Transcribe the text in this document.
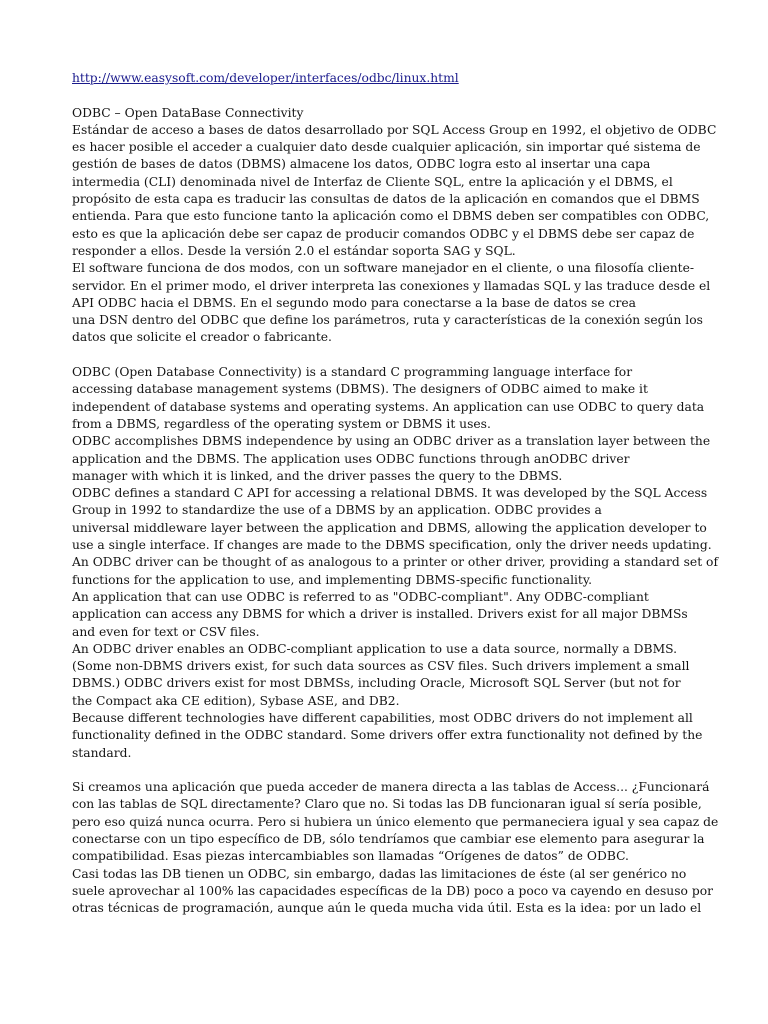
http://www.easysoft.com/developer/interfaces/odbc/linux.html
ODBC – Open DataBase Connectivity
Estándar de acceso a bases de datos desarrollado por SQL Access Group en 1992, el objetivo de ODBC
es hacer posible el acceder a cualquier dato desde cualquier aplicación, sin importar qué sistema de
gestión de bases de datos (DBMS) almacene los datos, ODBC logra esto al insertar una capa
intermedia (CLI) denominada nivel de Interfaz de Cliente SQL, entre la aplicación y el DBMS, el
propósito de esta capa es traducir las consultas de datos de la aplicación en comandos que el DBMS
entienda. Para que esto funcione tanto la aplicación como el DBMS deben ser compatibles con ODBC,
esto es que la aplicación debe ser capaz de producir comandos ODBC y el DBMS debe ser capaz de
responder a ellos. Desde la versión 2.0 el estándar soporta SAG y SQL.
El software funciona de dos modos, con un software manejador en el cliente, o una filosofía cliente-
servidor. En el primer modo, el driver interpreta las conexiones y llamadas SQL y las traduce desde el
API ODBC hacia el DBMS. En el segundo modo para conectarse a la base de datos se crea
una DSN dentro del ODBC que define los parámetros, ruta y características de la conexión según los
datos que solicite el creador o fabricante.
ODBC (Open Database Connectivity) is a standard C programming language interface for
accessing database management systems (DBMS). The designers of ODBC aimed to make it
independent of database systems and operating systems. An application can use ODBC to query data
from a DBMS, regardless of the operating system or DBMS it uses.
ODBC accomplishes DBMS independence by using an ODBC driver as a translation layer between the
application and the DBMS. The application uses ODBC functions through anODBC driver
manager with which it is linked, and the driver passes the query to the DBMS.
ODBC defines a standard C API for accessing a relational DBMS. It was developed by the SQL Access
Group in 1992 to standardize the use of a DBMS by an application. ODBC provides a
universal middleware layer between the application and DBMS, allowing the application developer to
use a single interface. If changes are made to the DBMS specification, only the driver needs updating.
An ODBC driver can be thought of as analogous to a printer or other driver, providing a standard set of
functions for the application to use, and implementing DBMS-specific functionality.
An application that can use ODBC is referred to as "ODBC-compliant". Any ODBC-compliant
application can access any DBMS for which a driver is installed. Drivers exist for all major DBMSs
and even for text or CSV files.
An ODBC driver enables an ODBC-compliant application to use a data source, normally a DBMS.
(Some non-DBMS drivers exist, for such data sources as CSV files. Such drivers implement a small
DBMS.) ODBC drivers exist for most DBMSs, including Oracle, Microsoft SQL Server (but not for
the Compact aka CE edition), Sybase ASE, and DB2.
Because different technologies have different capabilities, most ODBC drivers do not implement all
functionality defined in the ODBC standard. Some drivers offer extra functionality not defined by the
standard.
Si creamos una aplicación que pueda acceder de manera directa a las tablas de Access... ¿Funcionará
con las tablas de SQL directamente? Claro que no. Si todas las DB funcionaran igual sí sería posible,
pero eso quizá nunca ocurra. Pero si hubiera un único elemento que permaneciera igual y sea capaz de
conectarse con un tipo específico de DB, sólo tendríamos que cambiar ese elemento para asegurar la
compatibilidad. Esas piezas intercambiables son llamadas “Orígenes de datos” de ODBC.
Casi todas las DB tienen un ODBC, sin embargo, dadas las limitaciones de éste (al ser genérico no
suele aprovechar al 100% las capacidades específicas de la DB) poco a poco va cayendo en desuso por
otras técnicas de programación, aunque aún le queda mucha vida útil. Esta es la idea: por un lado el
